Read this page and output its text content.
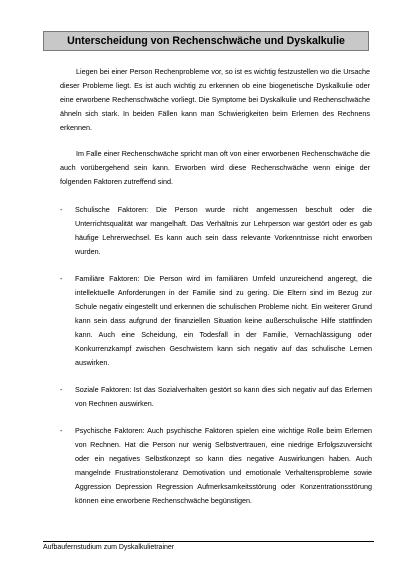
Unterscheidung von Rechenschwäche und Dyskalkulie
Liegen bei einer Person Rechenprobleme vor, so ist es wichtig festzustellen wo die Ursache dieser Probleme liegt. Es ist auch wichtig zu erkennen ob eine biogenetische Dyskalkulie oder eine erworbene Rechenschwäche vorliegt. Die Symptome bei Dyskalkulie und Rechenschwäche ähneln sich stark. In beiden Fällen kann man Schwierigkeiten beim Erlernen des Rechnens erkennen.
Im Falle einer Rechenschwäche spricht man oft von einer erworbenen Rechenschwäche die auch vorübergehend sein kann. Erworben wird diese Rechenschwäche wenn einige der folgenden Faktoren zutreffend sind.
-	Schulische Faktoren: Die Person wurde nicht angemessen beschult oder die Unterrichtsqualität war mangelhaft. Das Verhältnis zur Lehrperson war gestört oder es gab häufige Lehrerwechsel. Es kann auch sein dass relevante Vorkenntnisse nicht erworben wurden.
-	Familiäre Faktoren: Die Person wird im familiären Umfeld unzureichend angeregt, die intellektuelle Anforderungen in der Familie sind zu gering. Die Eltern sind im Bezug zur Schule negativ eingestellt und erkennen die schulischen Probleme nicht. Ein weiterer Grund kann sein dass aufgrund der finanziellen Situation keine außerschulische Hilfe stattfinden kann. Auch eine Scheidung, ein Todesfall in der Familie, Vernachlässigung oder Konkurrenzkampf zwischen Geschwistern kann sich negativ auf das schulische Lernen auswirken.
-	Soziale Faktoren: Ist das Sozialverhalten gestört so kann dies sich negativ auf das Erlernen von Rechnen auswirken.
-	Psychische Faktoren: Auch psychische Faktoren spielen eine wichtige Rolle beim Erlernen von Rechnen. Hat die Person nur wenig Selbstvertrauen, eine niedrige Erfolgszuversicht oder ein negatives Selbstkonzept so kann dies negative Auswirkungen haben. Auch mangelnde Frustrationstoleranz Demotivation und emotionale Verhaltensprobleme sowie Aggression Depression Regression Aufmerksamkeitsstörung oder Konzentrationsstörung können eine erworbene Rechenschwäche begünstigen.
Aufbaufernstudium zum Dyskalkulietrainer
